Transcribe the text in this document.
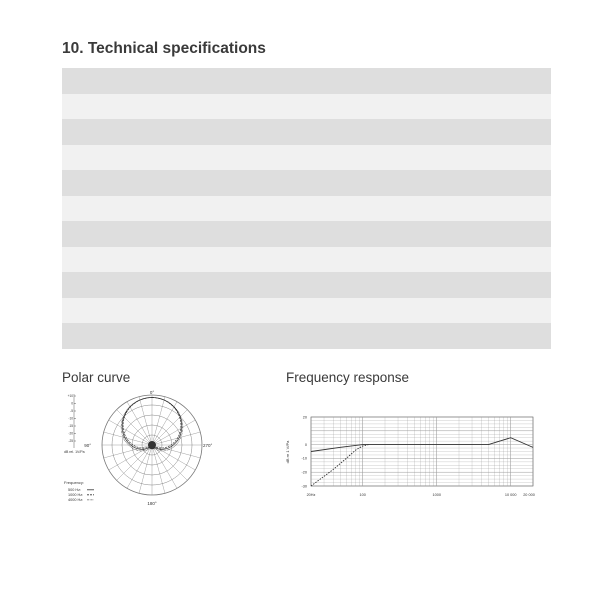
10. Technical specifications
Polar curve	Frequency response
+10
0
-5
-10
-15
-20
-25
dB rel. 1V/Pa
0°
90°	270°
180°
Frequency:
500 Hz:
1000 Hz:
4000 Hz:
20
0
-10
-20
-30
20Hz	100	1000	10 000 20 000
dB re 1 V/Pa
